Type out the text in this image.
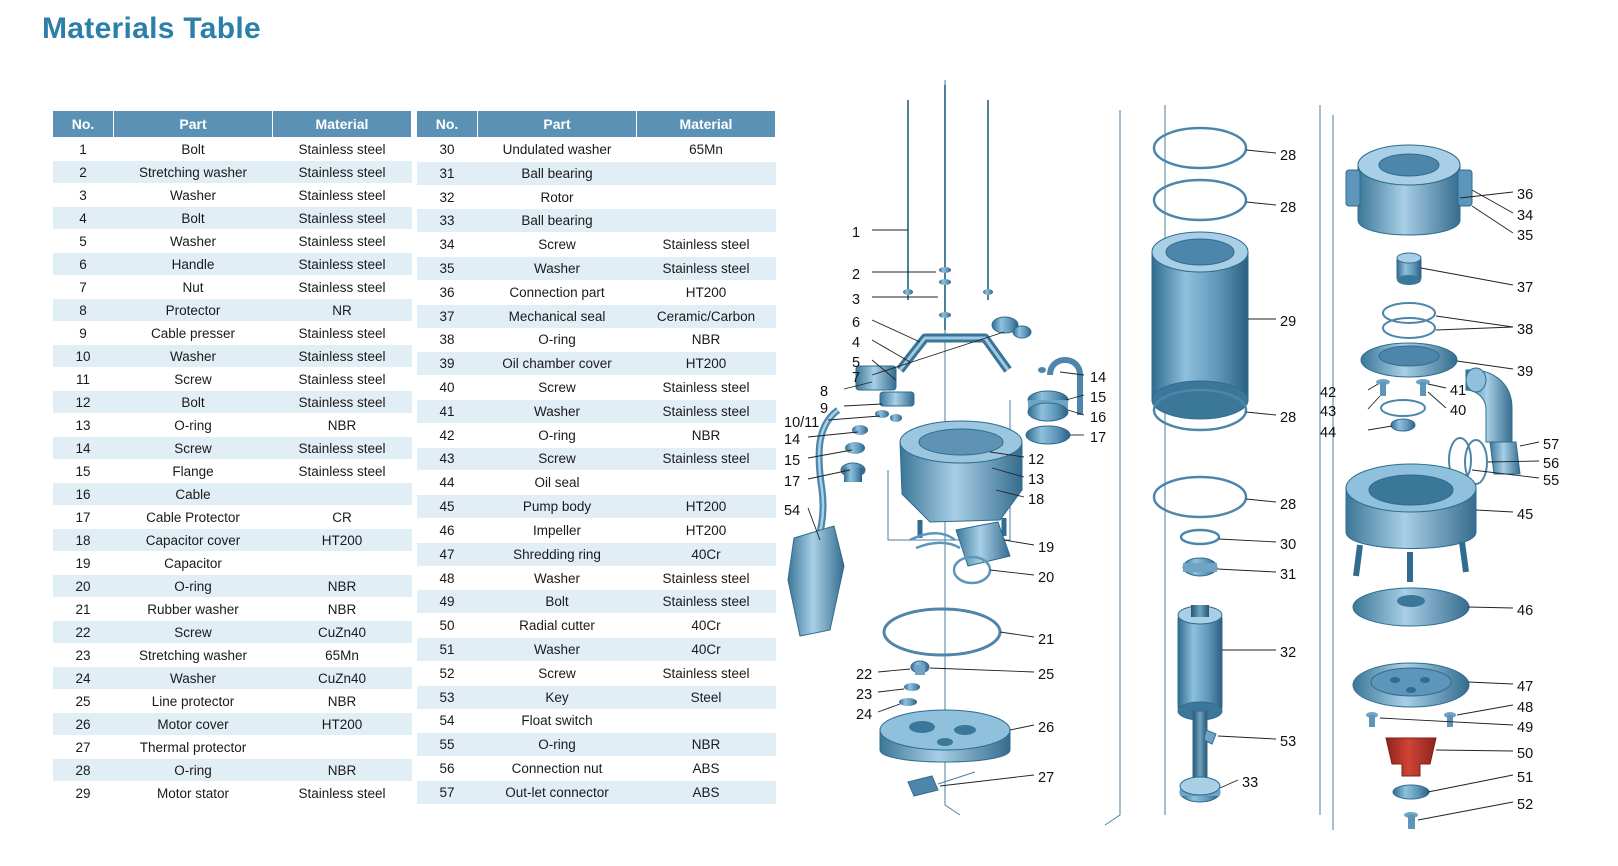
Materials Table
No.	Part	Material
1	Bolt	Stainless steel
2	Stretching washer	Stainless steel
3	Washer	Stainless steel
4	Bolt	Stainless steel
5	Washer	Stainless steel
6	Handle	Stainless steel
7	Nut	Stainless steel
8	Protector	NR
9	Cable presser	Stainless steel
10	Washer	Stainless steel
11	Screw	Stainless steel
12	Bolt	Stainless steel
13	O-ring	NBR
14	Screw	Stainless steel
15	Flange	Stainless steel
16	Cable	
17	Cable Protector	CR
18	Capacitor cover	HT200
19	Capacitor	
20	O-ring	NBR
21	Rubber washer	NBR
22	Screw	CuZn40
23	Stretching washer	65Mn
24	Washer	CuZn40
25	Line protector	NBR
26	Motor cover	HT200
27	Thermal protector	
28	O-ring	NBR
29	Motor stator	Stainless steel
No.	Part	Material
30	Undulated washer	65Mn
31	Ball bearing	
32	Rotor	
33	Ball bearing	
34	Screw	Stainless steel
35	Washer	Stainless steel
36	Connection part	HT200
37	Mechanical seal	Ceramic/Carbon
38	O-ring	NBR
39	Oil chamber cover	HT200
40	Screw	Stainless steel
41	Washer	Stainless steel
42	O-ring	NBR
43	Screw	Stainless steel
44	Oil seal	
45	Pump body	HT200
46	Impeller	HT200
47	Shredding ring	40Cr
48	Washer	Stainless steel
49	Bolt	Stainless steel
50	Radial cutter	40Cr
51	Washer	40Cr
52	Screw	Stainless steel
53	Key	Steel
54	Float switch	
55	O-ring	NBR
56	Connection nut	ABS
57	Out-let connector	ABS
1
2
3
6
4
5
7
8
9
10/11
14
15
17
54
14
15
16
17
12
13
18
19
20
21
22
23
24
25
26
27
28
28
29
28
28
30
31
32
53
33
36
34
35
37
38
39
41
40
42
43
44
57
56
55
45
46
47
48
49
50
51
52
